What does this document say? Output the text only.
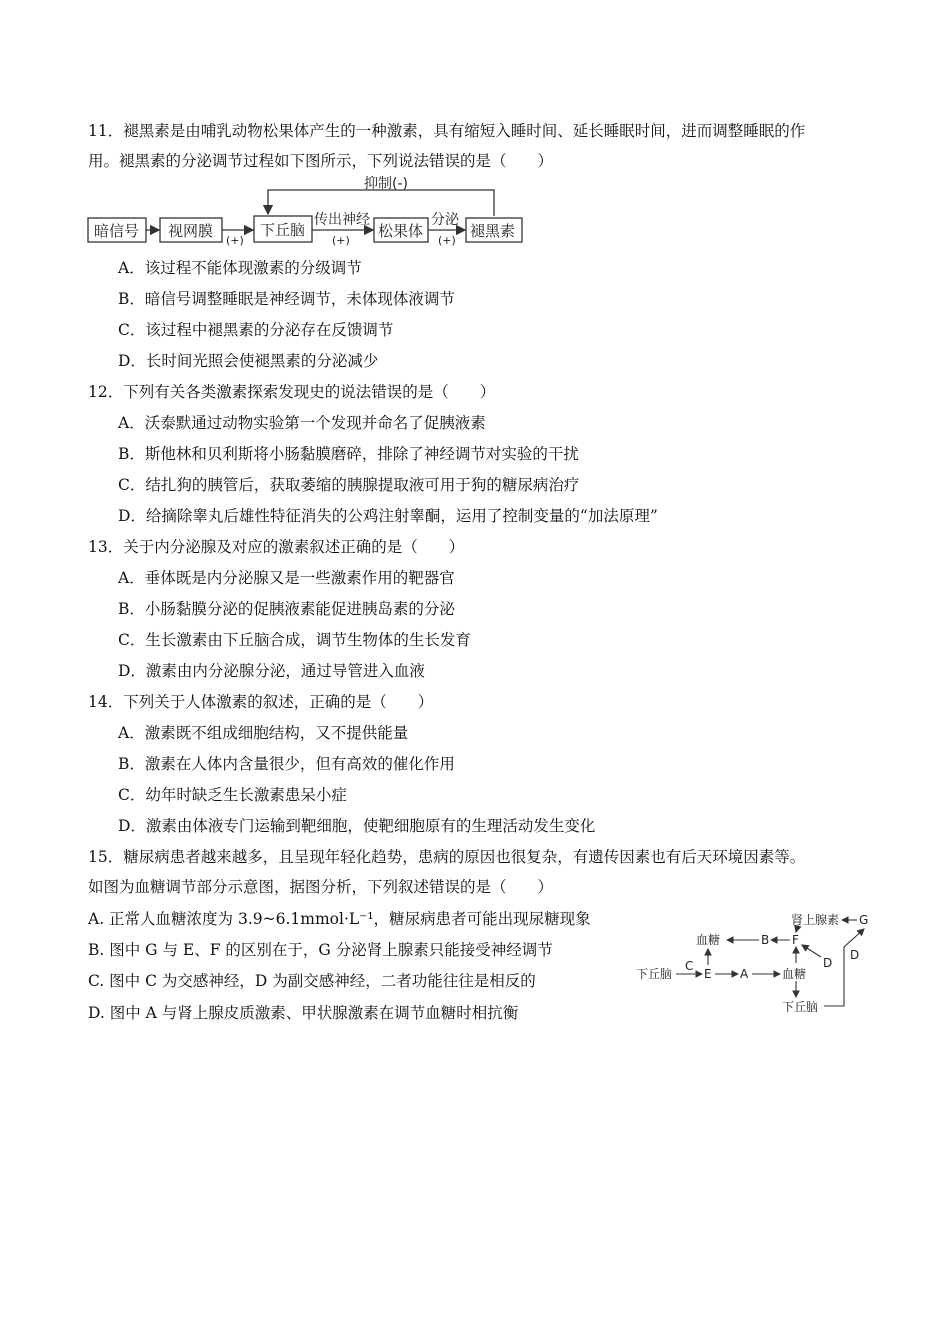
11．褪黑素是由哺乳动物松果体产生的一种激素，具有缩短入睡时间、延长睡眠时间，进而调整睡眠的作
用。褪黑素的分泌调节过程如下图所示，下列说法错误的是（　　）
抑制(-)
暗信号 视网膜	下丘脑	松果体	褪黑素
(+)
传出神经
(+)
分泌
(+)
A．该过程不能体现激素的分级调节
B．暗信号调整睡眠是神经调节，未体现体液调节
C．该过程中褪黑素的分泌存在反馈调节
D．长时间光照会使褪黑素的分泌减少
12．下列有关各类激素探索发现史的说法错误的是（　　）
A．沃泰默通过动物实验第一个发现并命名了促胰液素
B．斯他林和贝利斯将小肠黏膜磨碎，排除了神经调节对实验的干扰
C．结扎狗的胰管后，获取萎缩的胰腺提取液可用于狗的糖尿病治疗
D．给摘除睾丸后雄性特征消失的公鸡注射睾酮，运用了控制变量的“加法原理”
13．关于内分泌腺及对应的激素叙述正确的是（　　）
A．垂体既是内分泌腺又是一些激素作用的靶器官
B．小肠黏膜分泌的促胰液素能促进胰岛素的分泌
C．生长激素由下丘脑合成，调节生物体的生长发育
D．激素由内分泌腺分泌，通过导管进入血液
14．下列关于人体激素的叙述，正确的是（　　）
A．激素既不组成细胞结构，又不提供能量
B．激素在人体内含量很少，但有高效的催化作用
C．幼年时缺乏生长激素患呆小症
D．激素由体液专门运输到靶细胞，使靶细胞原有的生理活动发生变化
15．糖尿病患者越来越多，且呈现年轻化趋势，患病的原因也很复杂，有遗传因素也有后天环境因素等。
如图为血糖调节部分示意图，据图分析，下列叙述错误的是（　　）
A. 正常人血糖浓度为 3.9~6.1mmol·L⁻¹，糖尿病患者可能出现尿糖现象
B. 图中 G 与 E、F 的区别在于，G 分泌肾上腺素只能接受神经调节
C. 图中 C 为交感神经，D 为副交感神经，二者功能往往是相反的
D. 图中 A 与肾上腺皮质激素、甲状腺激素在调节血糖时相抗衡
肾上腺素 G
血糖	B F
D
D
下丘脑
C
E A	血糖
下丘脑
